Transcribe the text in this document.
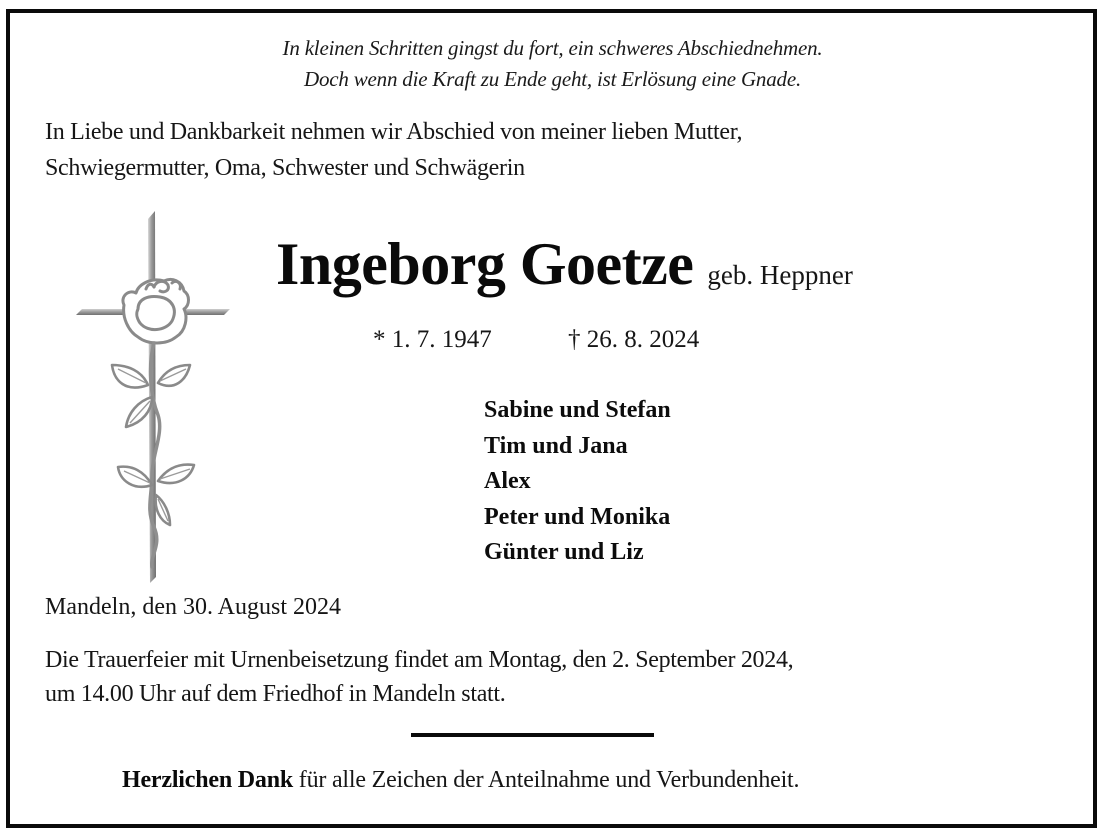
In kleinen Schritten gingst du fort, ein schweres Abschiednehmen.
Doch wenn die Kraft zu Ende geht, ist Erlösung eine Gnade.
In Liebe und Dankbarkeit nehmen wir Abschied von meiner lieben Mutter,
Schwiegermutter, Oma, Schwester und Schwägerin
Ingeborg Goetze geb. Heppner
* 1. 7. 1947	† 26. 8. 2024
Sabine und Stefan
Tim und Jana
Alex
Peter und Monika
Günter und Liz
Mandeln, den 30. August 2024
Die Trauerfeier mit Urnenbeisetzung findet am Montag, den 2. September 2024,
um 14.00 Uhr auf dem Friedhof in Mandeln statt.
Herzlichen Dank für alle Zeichen der Anteilnahme und Verbundenheit.
